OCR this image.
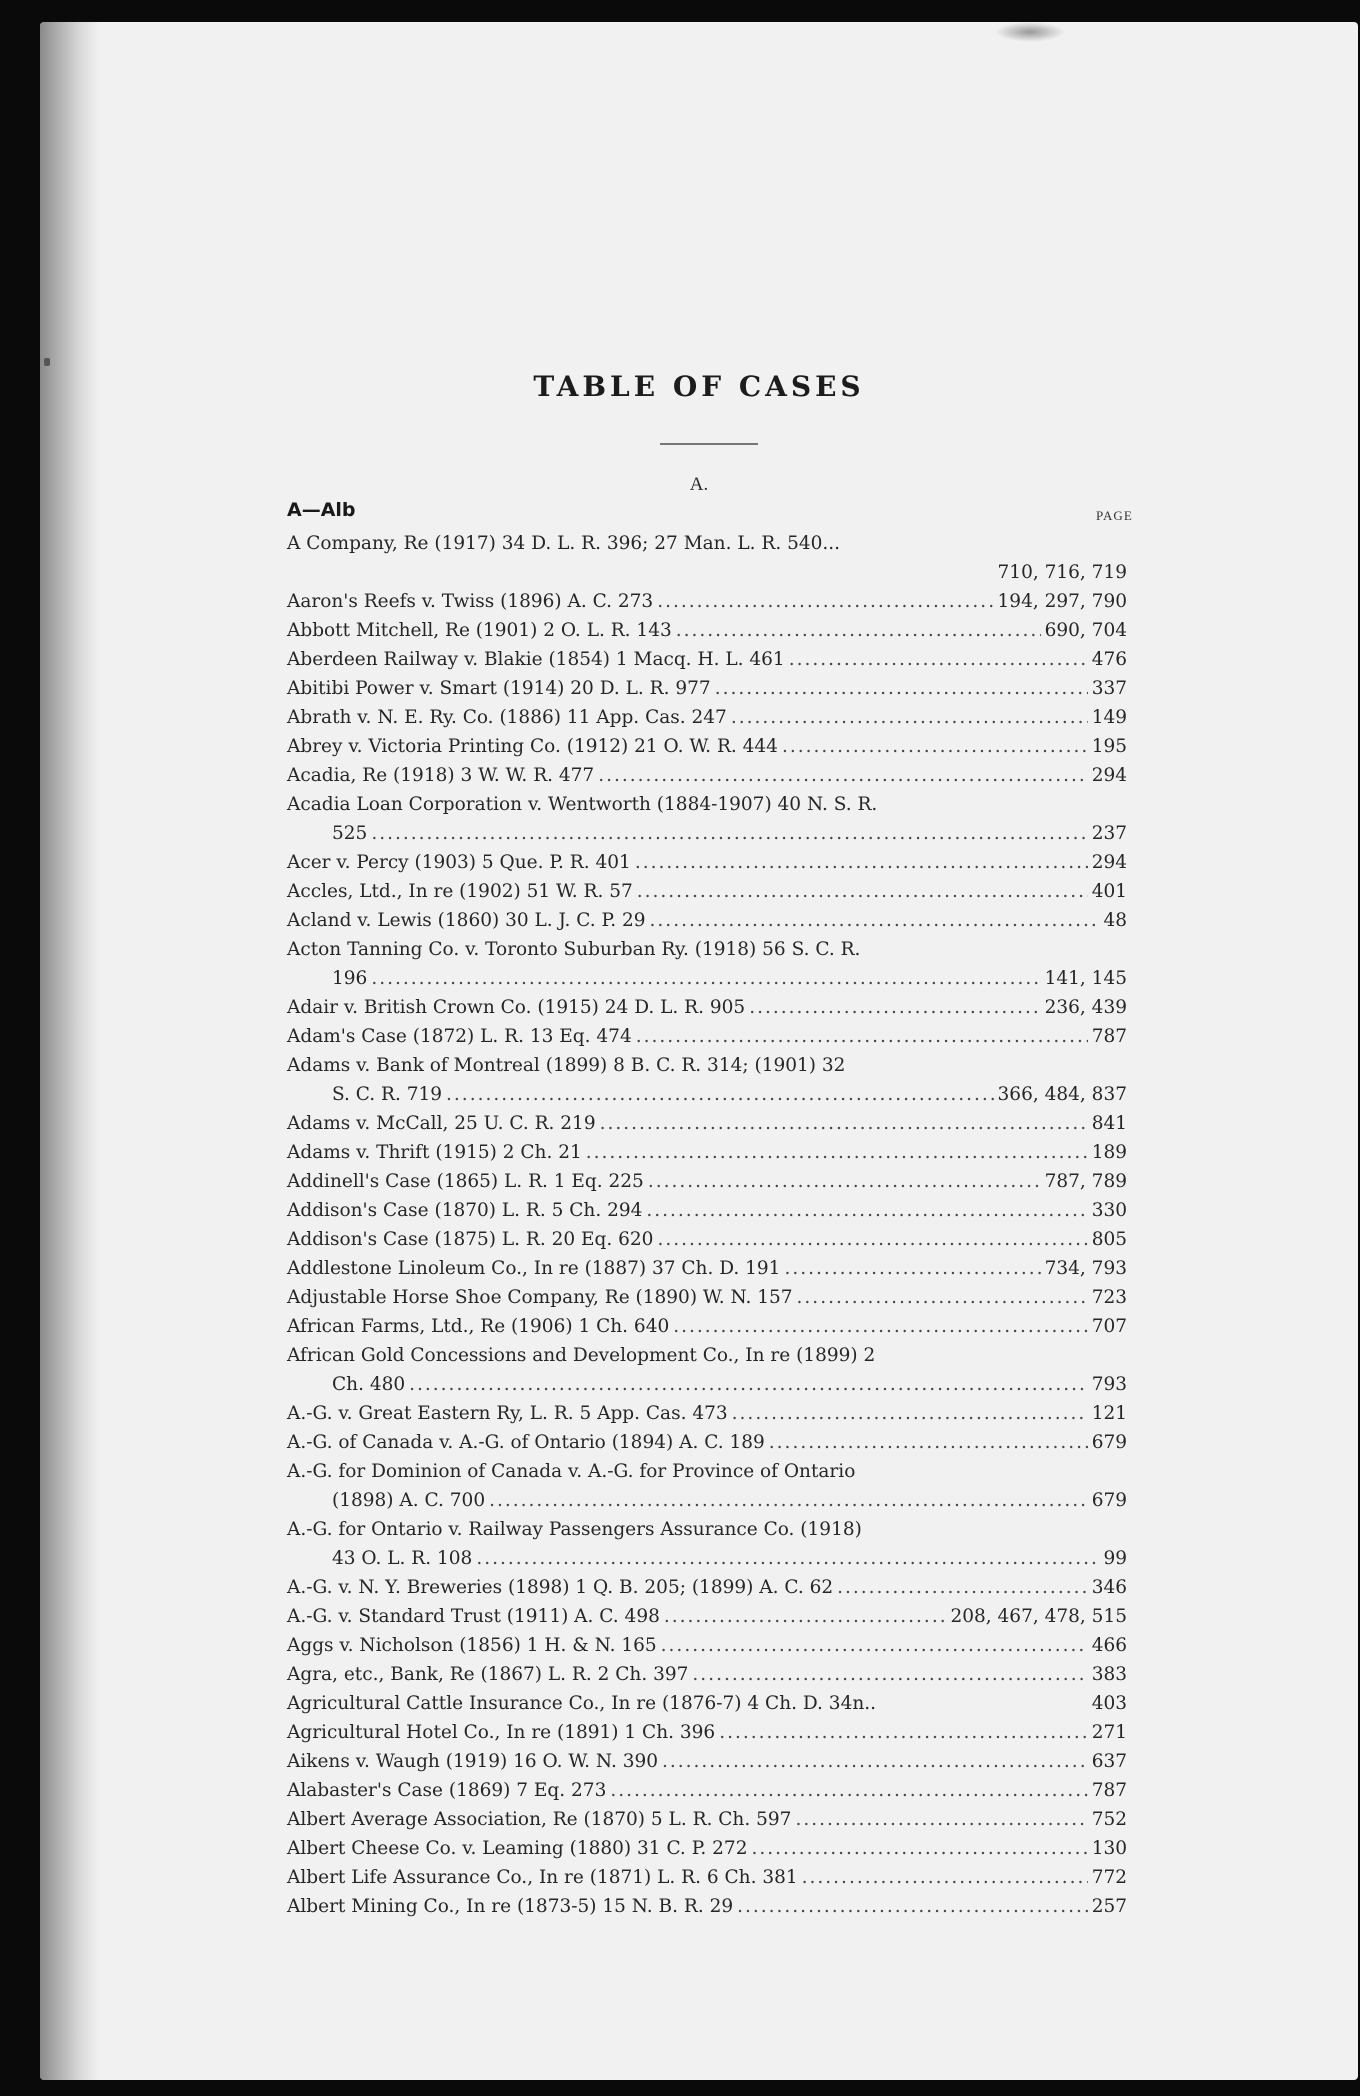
TABLE OF CASES
A.
A—Alb	PAGE
A Company, Re (1917) 34 D. L. R. 396; 27 Man. L. R. 540...
710, 716, 719
Aaron's Reefs v. Twiss (1896) A. C. 273 .....	194, 297, 790
Abbott Mitchell, Re (1901) 2 O. L. R. 143 .....	690, 704
Aberdeen Railway v. Blakie (1854) 1 Macq. H. L. 461 .....	476
Abitibi Power v. Smart (1914) 20 D. L. R. 977 .....	337
Abrath v. N. E. Ry. Co. (1886) 11 App. Cas. 247 .....	149
Abrey v. Victoria Printing Co. (1912) 21 O. W. R. 444 .....	195
Acadia, Re (1918) 3 W. W. R. 477 .....	294
Acadia Loan Corporation v. Wentworth (1884-1907) 40 N. S. R.
525 .....	237
Acer v. Percy (1903) 5 Que. P. R. 401 .....	294
Accles, Ltd., In re (1902) 51 W. R. 57 .....	401
Acland v. Lewis (1860) 30 L. J. C. P. 29 .....	48
Acton Tanning Co. v. Toronto Suburban Ry. (1918) 56 S. C. R.
196 .....	141, 145
Adair v. British Crown Co. (1915) 24 D. L. R. 905 .....	236, 439
Adam's Case (1872) L. R. 13 Eq. 474 .....	787
Adams v. Bank of Montreal (1899) 8 B. C. R. 314; (1901) 32
S. C. R. 719 .....	366, 484, 837
Adams v. McCall, 25 U. C. R. 219 .....	841
Adams v. Thrift (1915) 2 Ch. 21 .....	189
Addinell's Case (1865) L. R. 1 Eq. 225 .....	787, 789
Addison's Case (1870) L. R. 5 Ch. 294 .....	330
Addison's Case (1875) L. R. 20 Eq. 620 .....	805
Addlestone Linoleum Co., In re (1887) 37 Ch. D. 191 .....	734, 793
Adjustable Horse Shoe Company, Re (1890) W. N. 157 .....	723
African Farms, Ltd., Re (1906) 1 Ch. 640 .....	707
African Gold Concessions and Development Co., In re (1899) 2
Ch. 480 .....	793
A.-G. v. Great Eastern Ry, L. R. 5 App. Cas. 473 .....	121
A.-G. of Canada v. A.-G. of Ontario (1894) A. C. 189 .....	679
A.-G. for Dominion of Canada v. A.-G. for Province of Ontario
(1898) A. C. 700 .....	679
A.-G. for Ontario v. Railway Passengers Assurance Co. (1918)
43 O. L. R. 108 .....	99
A.-G. v. N. Y. Breweries (1898) 1 Q. B. 205; (1899) A. C. 62 .....	346
A.-G. v. Standard Trust (1911) A. C. 498 .....	208, 467, 478, 515
Aggs v. Nicholson (1856) 1 H. & N. 165 .....	466
Agra, etc., Bank, Re (1867) L. R. 2 Ch. 397 .....	383
Agricultural Cattle Insurance Co., In re (1876-7) 4 Ch. D. 34n..	403
Agricultural Hotel Co., In re (1891) 1 Ch. 396 .....	271
Aikens v. Waugh (1919) 16 O. W. N. 390 .....	637
Alabaster's Case (1869) 7 Eq. 273 .....	787
Albert Average Association, Re (1870) 5 L. R. Ch. 597 .....	752
Albert Cheese Co. v. Leaming (1880) 31 C. P. 272 .....	130
Albert Life Assurance Co., In re (1871) L. R. 6 Ch. 381 .....	772
Albert Mining Co., In re (1873-5) 15 N. B. R. 29 .....	257
